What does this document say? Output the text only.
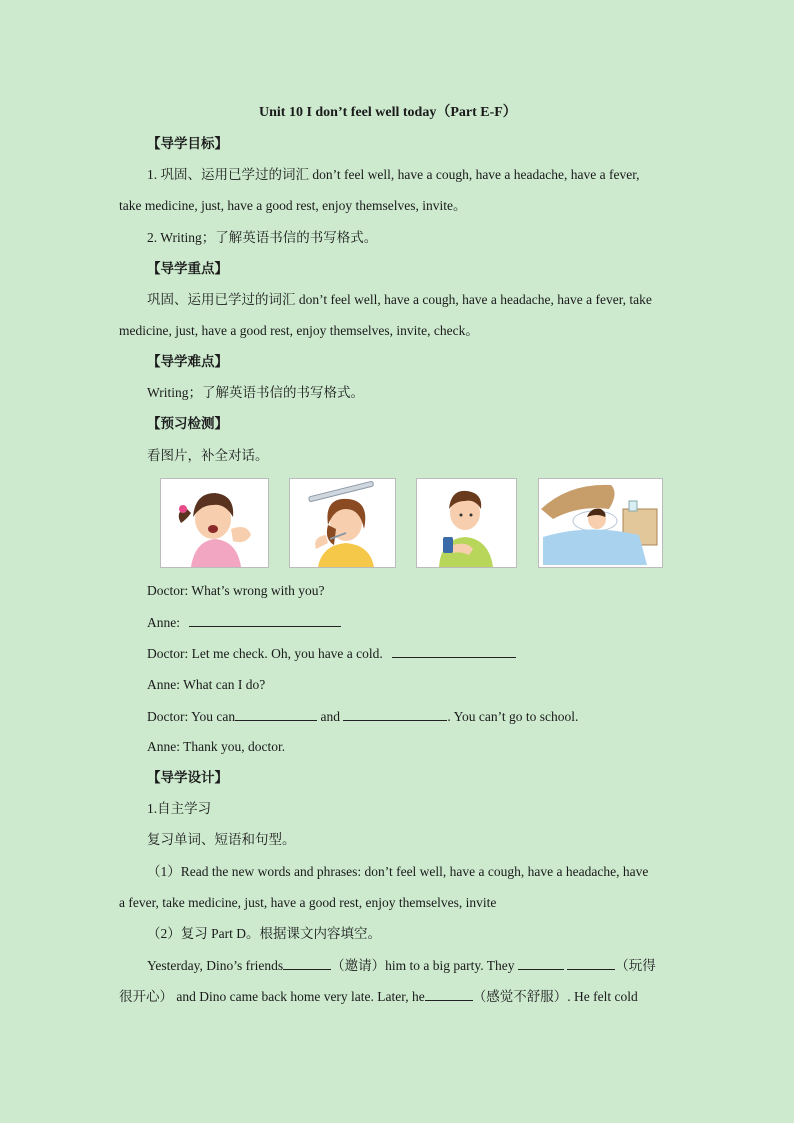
Unit 10 I don’t feel well today（Part E-F）
【导学目标】
1. 巩固、运用已学过的词汇 don’t feel well, have a cough, have a headache, have a fever,
take medicine, just, have a good rest, enjoy themselves, invite。
2. Writing；了解英语书信的书写格式。
【导学重点】
巩固、运用已学过的词汇 don’t feel well, have a cough, have a headache, have a fever, take
medicine, just, have a good rest, enjoy themselves, invite, check。
【导学难点】
Writing；了解英语书信的书写格式。
【预习检测】
看图片，补全对话。
Doctor: What’s wrong with you?
Anne:
Doctor: Let me check. Oh, you have a cold.
Anne: What can I do?
Doctor: You can	and	. You can’t go to school.
Anne: Thank you, doctor.
【导学设计】
1.自主学习
复习单词、短语和句型。
（1）Read the new words and phrases: don’t feel well, have a cough, have a headache, have
a fever, take medicine, just, have a good rest, enjoy themselves, invite
（2）复习 Part D。根据课文内容填空。
Yesterday, Dino’s friends	（邀请）him to a big party. They	（玩得
很开心） and Dino came back home very late. Later, he	（感觉不舒服）. He felt cold
